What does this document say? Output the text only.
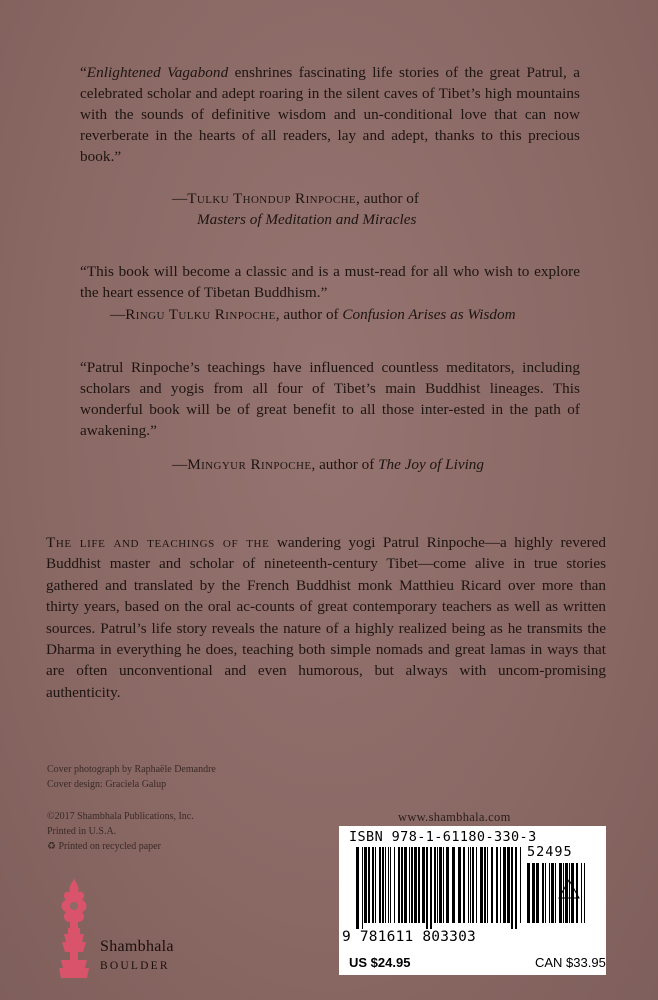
“Enlightened Vagabond enshrines fascinating life stories of the great Patrul, a celebrated scholar and adept roaring in the silent caves of Tibet’s high mountains with the sounds of definitive wisdom and un-conditional love that can now reverberate in the hearts of all readers, lay and adept, thanks to this precious book.”

—Tulku Thondup Rinpoche, author of
Masters of Meditation and Miracles

“This book will become a classic and is a must-read for all who wish to explore the heart essence of Tibetan Buddhism.”

—Ringu Tulku Rinpoche, author of Confusion Arises as Wisdom

“Patrul Rinpoche’s teachings have influenced countless meditators, including scholars and yogis from all four of Tibet’s main Buddhist lineages. This wonderful book will be of great benefit to all those inter-ested in the path of awakening.”

—Mingyur Rinpoche, author of The Joy of Living
The life and teachings of the wandering yogi Patrul Rinpoche—a highly revered Buddhist master and scholar of nineteenth-century Tibet—come alive in true stories gathered and translated by the French Buddhist monk Matthieu Ricard over more than thirty years, based on the oral ac-counts of great contemporary teachers as well as written sources. Patrul’s life story reveals the nature of a highly realized being as he transmits the Dharma in everything he does, teaching both simple nomads and great lamas in ways that are often unconventional and even humorous, but always with uncom-promising authenticity.
Cover photograph by Raphaële Demandre
Cover design: Graciela Galup
©2017 Shambhala Publications, Inc.
Printed in U.S.A.
♻ Printed on recycled paper
www.shambhala.com
ISBN 978-1-61180-330-3
52495
9 781611 803303
US $24.95	CAN $33.95
Shambhala
BOULDER
